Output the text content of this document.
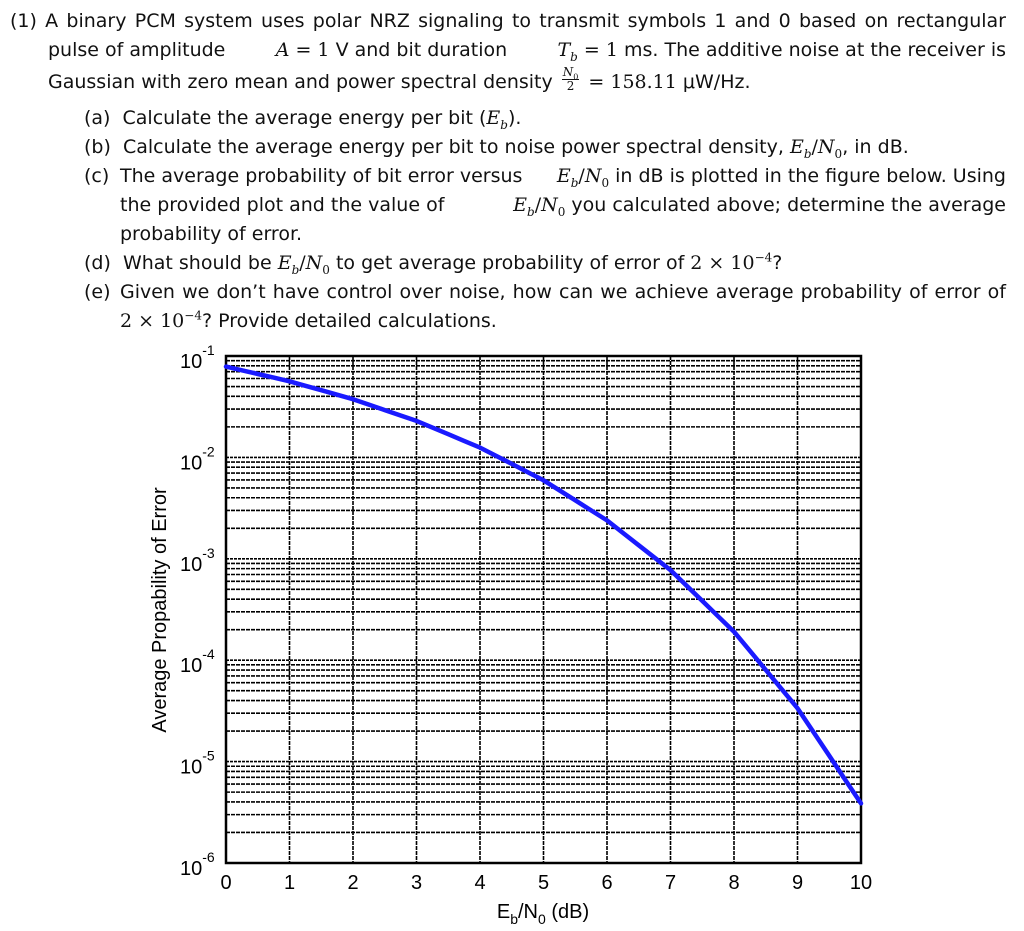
(1) A binary PCM system uses polar NRZ signaling to transmit symbols 1 and 0 based on rectangular
pulse of amplitude	A = 1 V and bit duration	$T_b = 1$ ms. The additive noise at the receiver is
Gaussian with zero mean and power spectral density $\frac{N_0}{2} = 158.11$ μW/Hz.
(a) Calculate the average energy per bit $(E_b)$.
(b) Calculate the average energy per bit to noise power spectral density, $E_b/N_0$, in dB.
(c) The average probability of bit error versus $E_b/N_0$ in dB is plotted in the figure below. Using
the provided plot and the value of	$E_b/N_0$ you calculated above; determine the average
probability of error.
(d) What should be $E_b/N_0$ to get average probability of error of $2 \times 10^{-4}$?
(e) Given we don’t have control over noise, how can we achieve average probability of error of
$2 \times 10^{-4}$? Provide detailed calculations.
$10^{-1}$
$10^{-2}$
$10^{-3}$
$10^{-4}$
$10^{-5}$
$10^{-6}$
0	1	2	3	4	5	6	7	8	9 10
$E_b/N_0$ (dB)
Average Propability of Error
